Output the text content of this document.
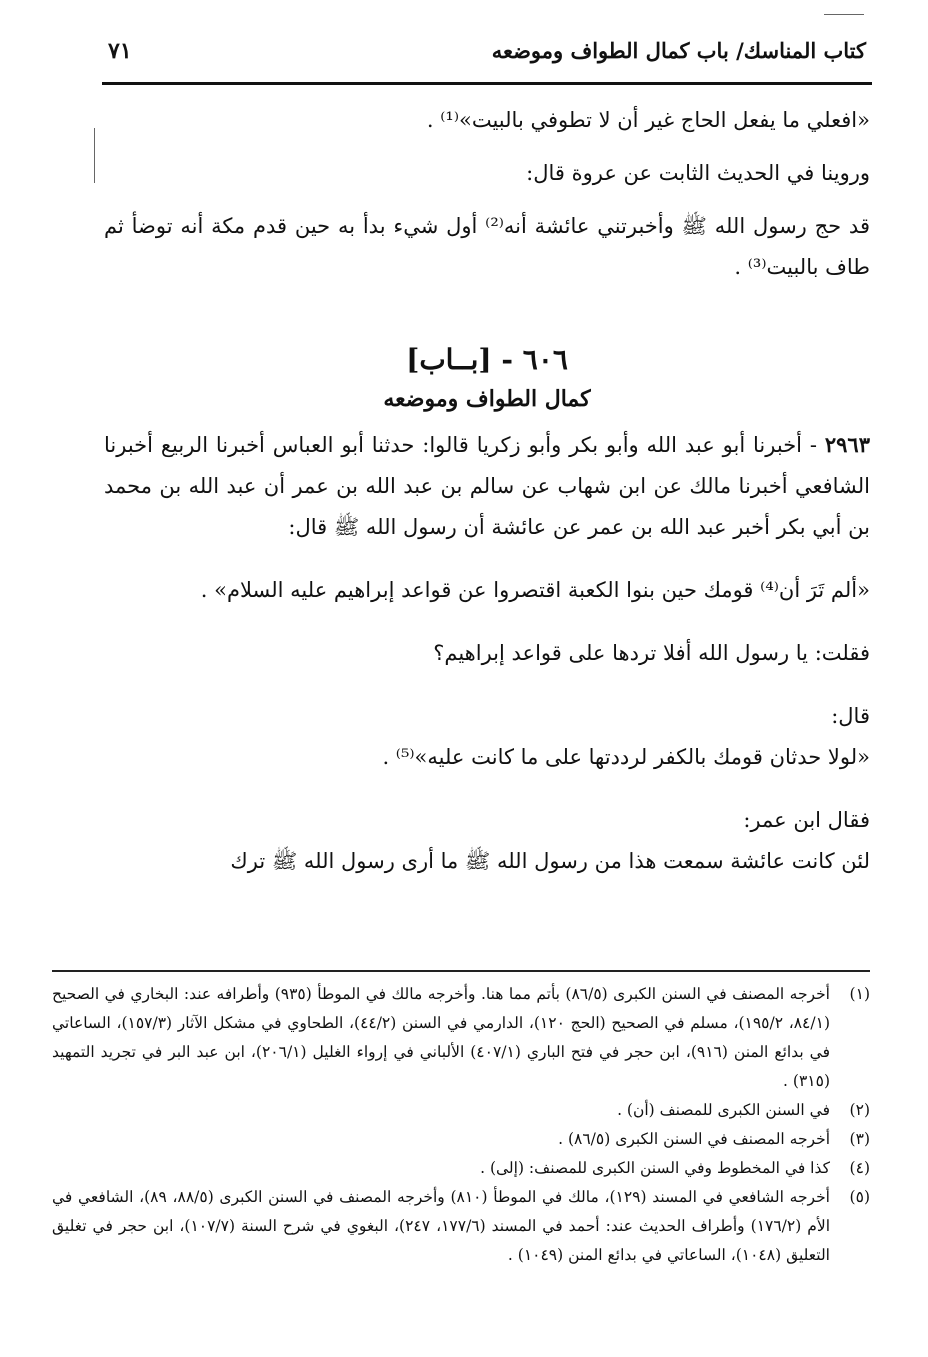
كتاب المناسك/ باب كمال الطواف وموضعه
٧١

«افعلي ما يفعل الحاج غير أن لا تطوفي بالبيت»⁽¹⁾ .

وروينا في الحديث الثابت عن عروة قال:

قد حج رسول الله ﷺ وأخبرتني عائشة أنه⁽²⁾ أول شيء بدأ به حين قدم مكة أنه توضأ ثم طاف بالبيت⁽³⁾ .

٦٠٦ - [بــاب]
كمال الطواف وموضعه

٢٩٦٣ - أخبرنا أبو عبد الله وأبو بكر وأبو زكريا قالوا: حدثنا أبو العباس أخبرنا الربيع أخبرنا الشافعي أخبرنا مالك عن ابن شهاب عن سالم بن عبد الله بن عمر أن عبد الله بن محمد بن أبي بكر أخبر عبد الله بن عمر عن عائشة أن رسول الله ﷺ قال:

«ألم تَرَ أن⁽⁴⁾ قومك حين بنوا الكعبة اقتصروا عن قواعد إبراهيم عليه السلام» .

فقلت: يا رسول الله أفلا تردها على قواعد إبراهيم؟

قال:

«لولا حدثان قومك بالكفر لرددتها على ما كانت عليه»⁽⁵⁾ .

فقال ابن عمر:

لئن كانت عائشة سمعت هذا من رسول الله ﷺ ما أرى رسول الله ﷺ ترك

(١)
أخرجه المصنف في السنن الكبرى (٨٦/٥) بأتم مما هنا. وأخرجه مالك في الموطأ (٩٣٥) وأطرافه عند: البخاري في الصحيح (٨٤/١، ١٩٥/٢)، مسلم في الصحيح (الحج ١٢٠)، الدارمي في السنن (٤٤/٢)، الطحاوي في مشكل الآثار (١٥٧/٣)، الساعاتي في بدائع المنن (٩١٦)، ابن حجر في فتح الباري (٤٠٧/١) الألباني في إرواء الغليل (٢٠٦/١)، ابن عبد البر في تجريد التمهيد (٣١٥) .
(٢)
في السنن الكبرى للمصنف (أن) .
(٣)
أخرجه المصنف في السنن الكبرى (٨٦/٥) .
(٤)
كذا في المخطوط وفي السنن الكبرى للمصنف: (إلى) .
(٥)
أخرجه الشافعي في المسند (١٢٩)، مالك في الموطأ (٨١٠) وأخرجه المصنف في السنن الكبرى (٨٨/٥، ٨٩)، الشافعي في الأم (١٧٦/٢) وأطراف الحديث عند: أحمد في المسند (١٧٧/٦، ٢٤٧)، البغوي في شرح السنة (١٠٧/٧)، ابن حجر في تغليق التعليق (١٠٤٨)، الساعاتي في بدائع المنن (١٠٤٩) .
